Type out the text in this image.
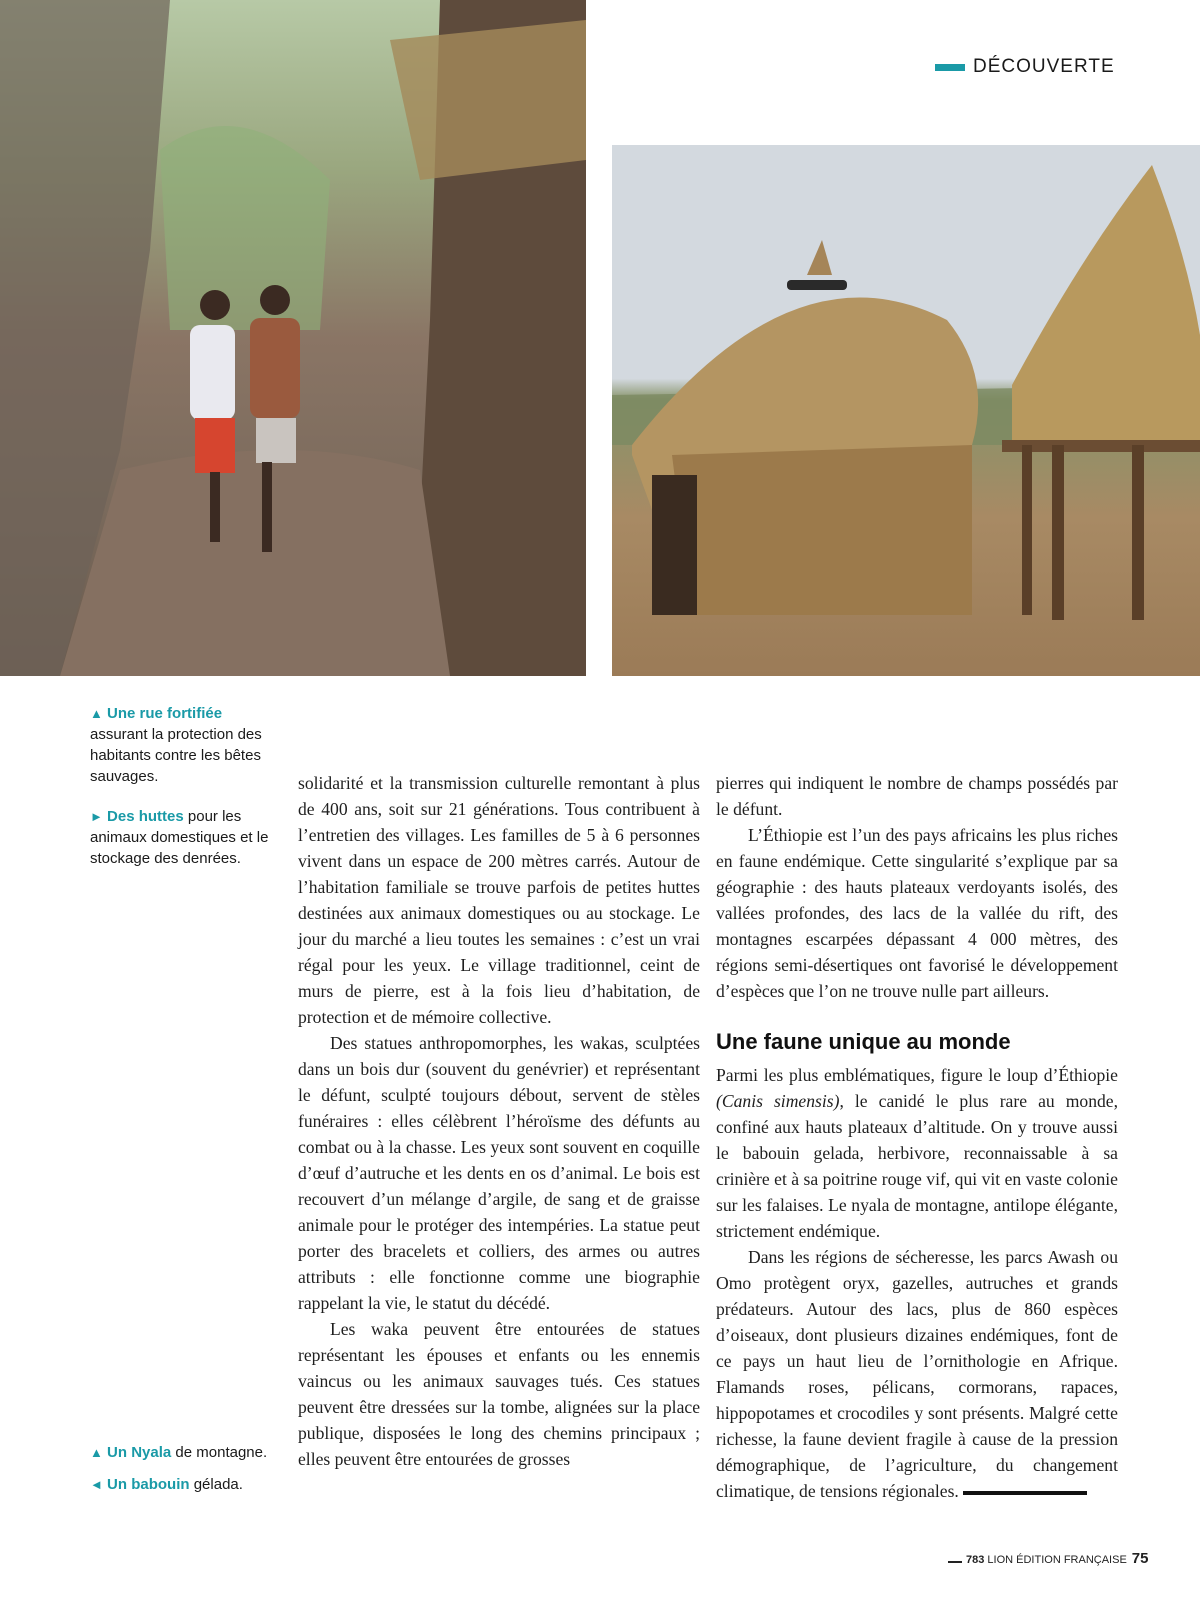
DÉCOUVERTE

▲ Une rue fortifiée assurant la protection des habitants contre les bêtes sauvages.

► Des huttes pour les animaux domestiques et le stockage des denrées.

▲ Un Nyala de montagne.

◄ Un babouin gélada.

solidarité et la transmission culturelle remontant à plus de 400 ans, soit sur 21 générations. Tous contribuent à l’entretien des villages. Les familles de 5 à 6 personnes vivent dans un espace de 200 mètres carrés. Autour de l’habitation familiale se trouve parfois de petites huttes destinées aux animaux domestiques ou au stockage. Le jour du marché a lieu toutes les semaines : c’est un vrai régal pour les yeux. Le village traditionnel, ceint de murs de pierre, est à la fois lieu d’habitation, de protection et de mémoire collective.

Des statues anthropomorphes, les wakas, sculptées dans un bois dur (souvent du genévrier) et représentant le défunt, sculpté toujours débout, servent de stèles funéraires : elles célèbrent l’héroïsme des défunts au combat ou à la chasse. Les yeux sont souvent en coquille d’œuf d’autruche et les dents en os d’animal. Le bois est recouvert d’un mélange d’argile, de sang et de graisse animale pour le protéger des intempéries. La statue peut porter des bracelets et colliers, des armes ou autres attributs : elle fonctionne comme une biographie rappelant la vie, le statut du décédé.

Les waka peuvent être entourées de statues représentant les épouses et enfants ou les ennemis vaincus ou les animaux sauvages tués. Ces statues peuvent être dressées sur la tombe, alignées sur la place publique, disposées le long des chemins principaux ; elles peuvent être entourées de grosses

pierres qui indiquent le nombre de champs possédés par le défunt.

L’Éthiopie est l’un des pays africains les plus riches en faune endémique. Cette singularité s’explique par sa géographie : des hauts plateaux verdoyants isolés, des vallées profondes, des lacs de la vallée du rift, des montagnes escarpées dépassant 4 000 mètres, des régions semi-désertiques ont favorisé le développement d’espèces que l’on ne trouve nulle part ailleurs.

Une faune unique au monde

Parmi les plus emblématiques, figure le loup d’Éthiopie (Canis simensis), le canidé le plus rare au monde, confiné aux hauts plateaux d’altitude. On y trouve aussi le babouin gelada, herbivore, reconnaissable à sa crinière et à sa poitrine rouge vif, qui vit en vaste colonie sur les falaises. Le nyala de montagne, antilope élégante, strictement endémique.

Dans les régions de sécheresse, les parcs Awash ou Omo protègent oryx, gazelles, autruches et grands prédateurs. Autour des lacs, plus de 860 espèces d’oiseaux, dont plusieurs dizaines endémiques, font de ce pays un haut lieu de l’ornithologie en Afrique. Flamands roses, pélicans, cormorans, rapaces, hippopotames et crocodiles y sont présents. Malgré cette richesse, la faune devient fragile à cause de la pression démographique, de l’agriculture, du changement climatique, de tensions régionales.

783
LION ÉDITION FRANÇAISE 75
